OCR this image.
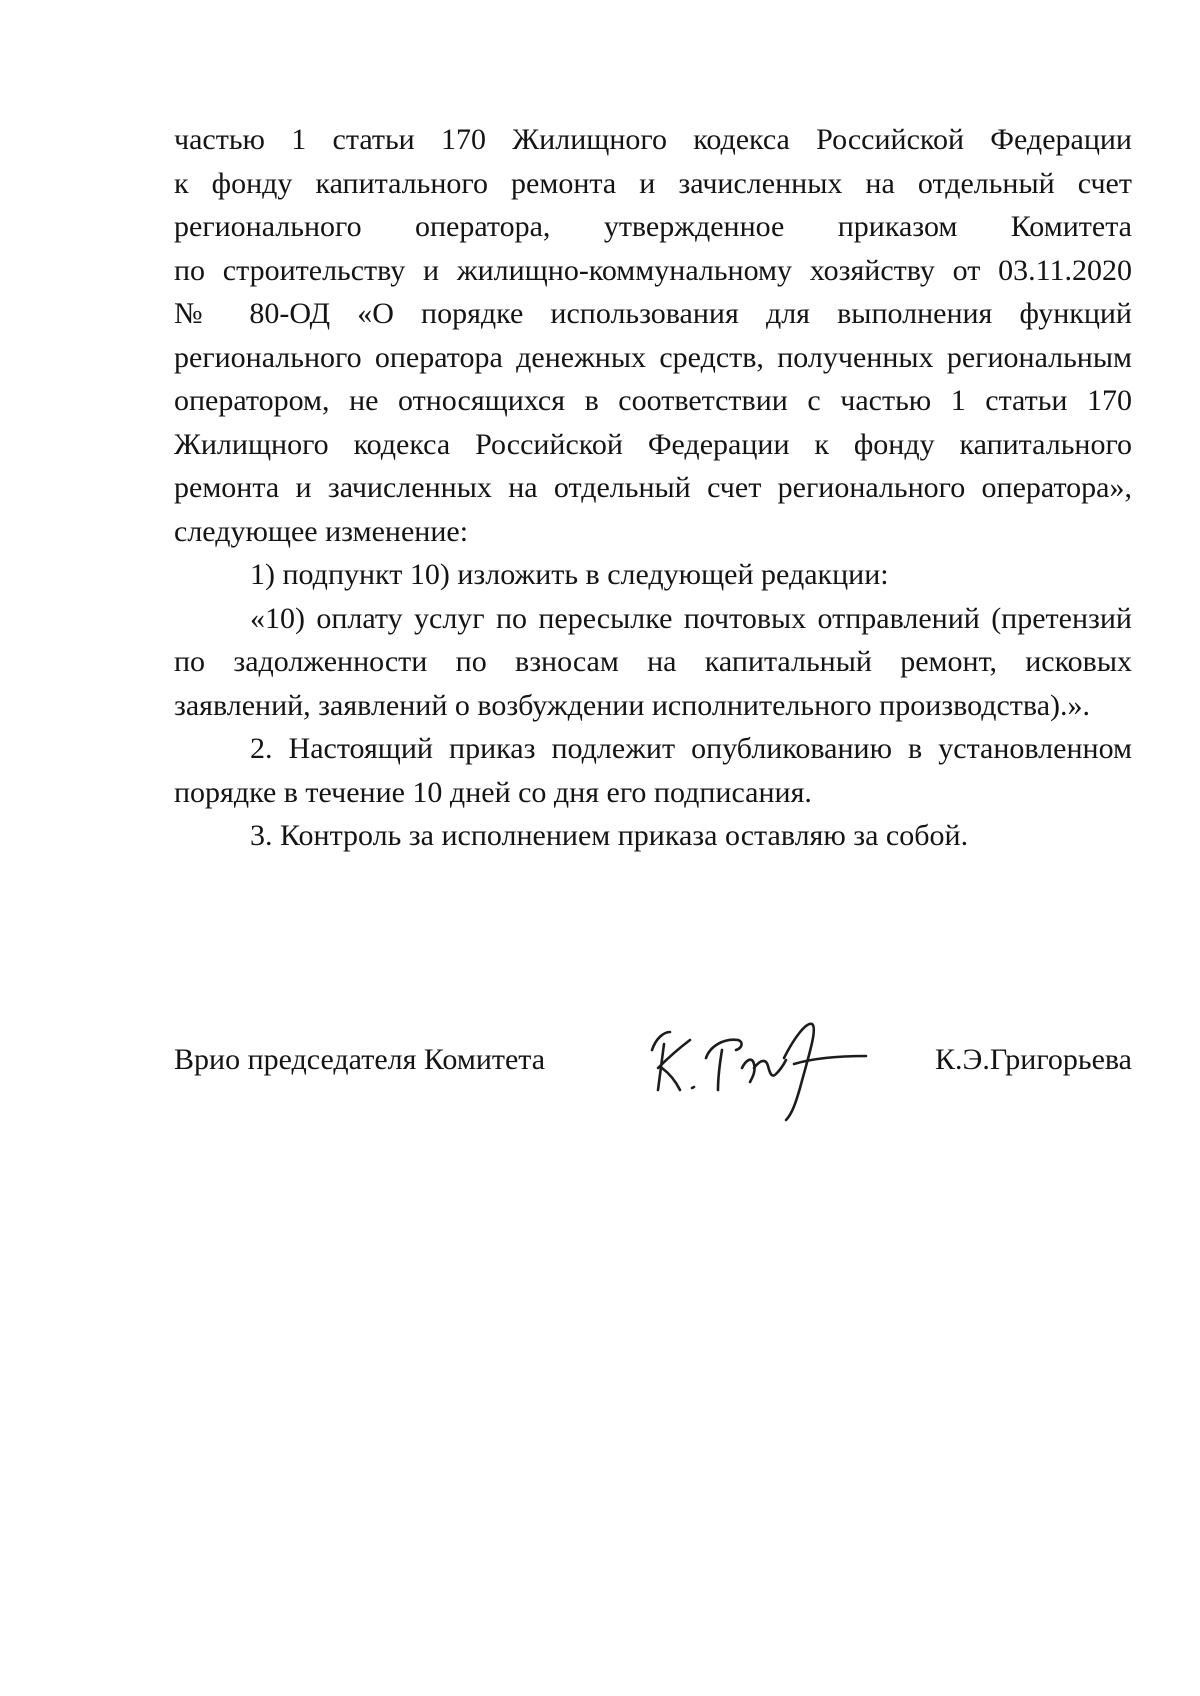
частью 1 статьи 170 Жилищного кодекса Российской Федерации
к фонду капитального ремонта и зачисленных на отдельный счет
регионального оператора, утвержденное приказом Комитета
по строительству и жилищно-коммунальному хозяйству от 03.11.2020
№ 80-ОД «О порядке использования для выполнения функций
регионального оператора денежных средств, полученных региональным
оператором, не относящихся в соответствии с частью 1 статьи 170
Жилищного кодекса Российской Федерации к фонду капитального
ремонта и зачисленных на отдельный счет регионального оператора»,
следующее изменение:
1) подпункт 10) изложить в следующей редакции:
«10) оплату услуг по пересылке почтовых отправлений (претензий
по задолженности по взносам на капитальный ремонт, исковых
заявлений, заявлений о возбуждении исполнительного производства).».
2. Настоящий приказ подлежит опубликованию в установленном
порядке в течение 10 дней со дня его подписания.
3. Контроль за исполнением приказа оставляю за собой.
Врио председателя Комитета	К.Э.Григорьева
